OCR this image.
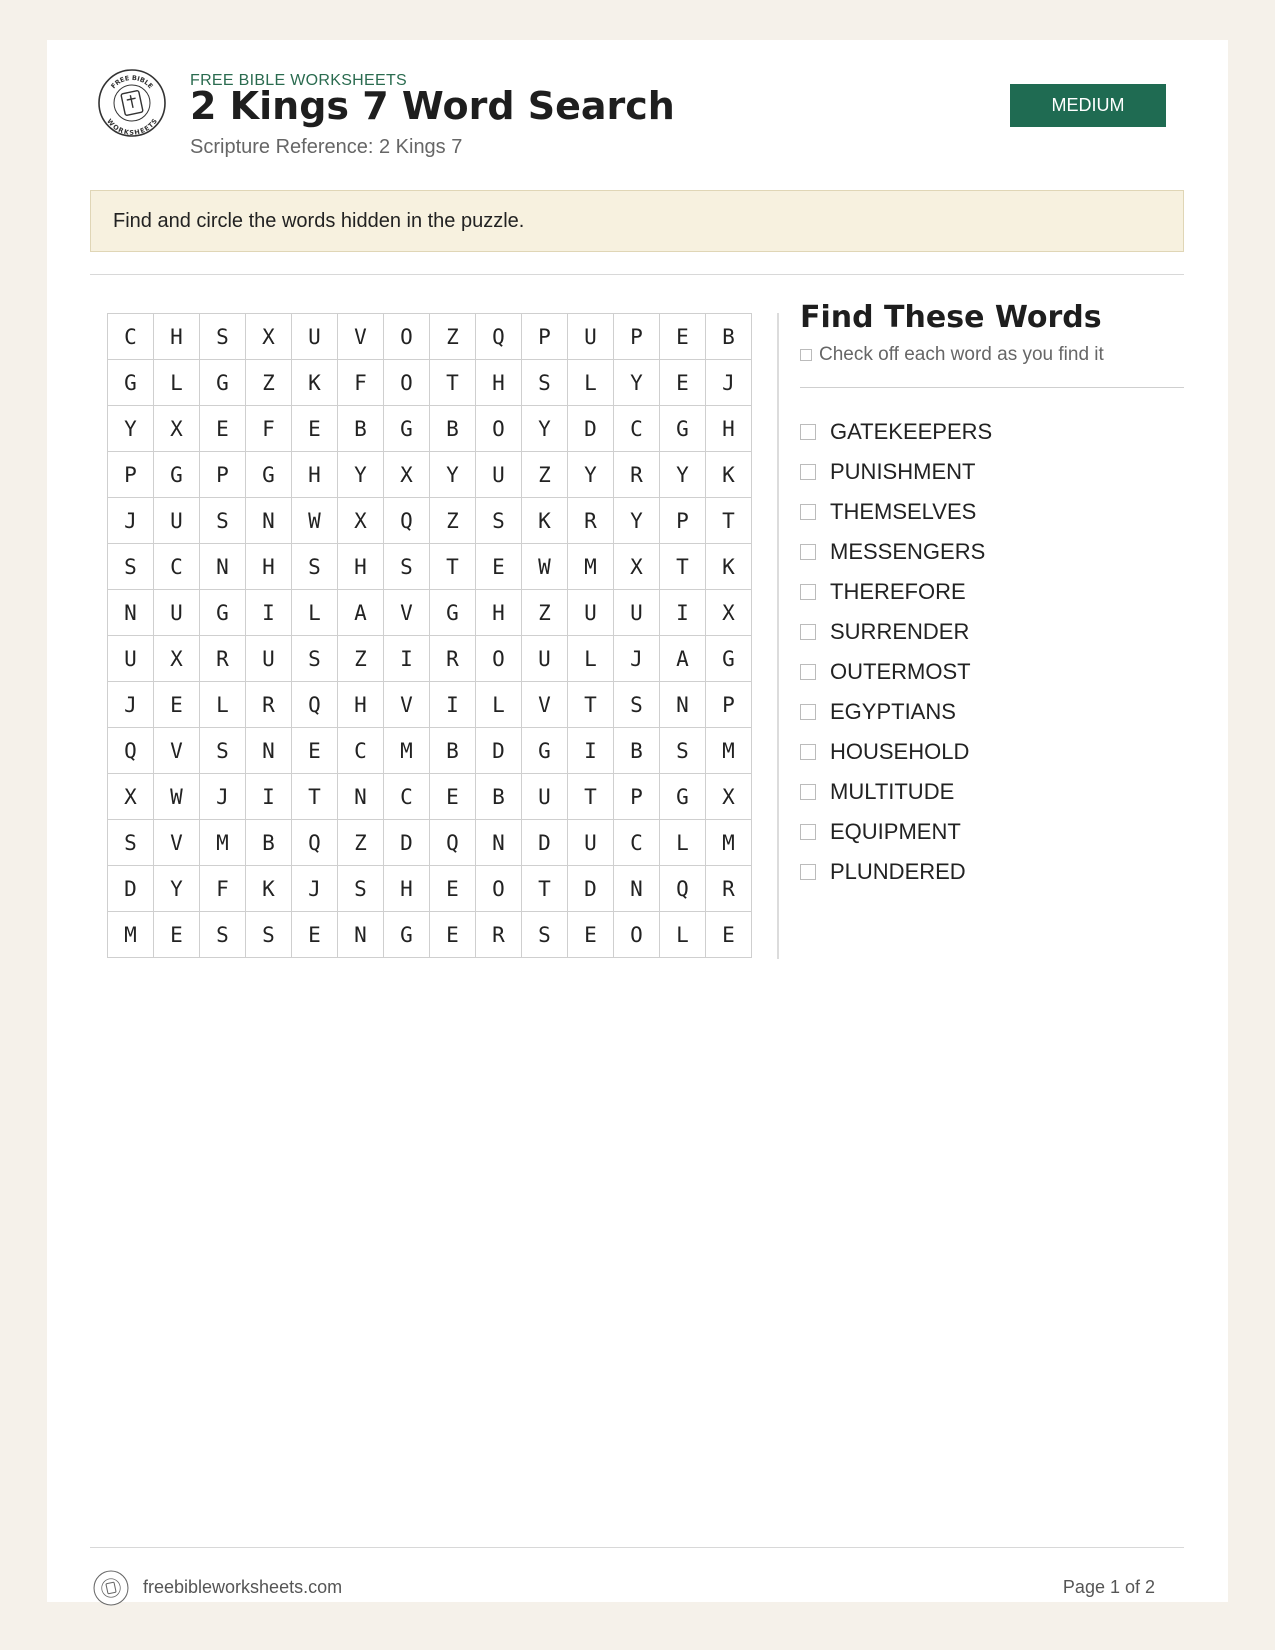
FREE BIBLE
WORKSHEETS
FREE BIBLE WORKSHEETS
2 Kings 7 Word Search
Scripture Reference: 2 Kings 7
MEDIUM
Find and circle the words hidden in the puzzle.
C	H	S	X	U	V	O	Z	Q	P	U	P	E	B
G	L	G	Z	K	F	O	T	H	S	L	Y	E	J
Y	X	E	F	E	B	G	B	O	Y	D	C	G	H
P	G	P	G	H	Y	X	Y	U	Z	Y	R	Y	K
J	U	S	N	W	X	Q	Z	S	K	R	Y	P	T
S	C	N	H	S	H	S	T	E	W	M	X	T	K
N	U	G	I	L	A	V	G	H	Z	U	U	I	X
U	X	R	U	S	Z	I	R	O	U	L	J	A	G
J	E	L	R	Q	H	V	I	L	V	T	S	N	P
Q	V	S	N	E	C	M	B	D	G	I	B	S	M
X	W	J	I	T	N	C	E	B	U	T	P	G	X
S	V	M	B	Q	Z	D	Q	N	D	U	C	L	M
D	Y	F	K	J	S	H	E	O	T	D	N	Q	R
M	E	S	S	E	N	G	E	R	S	E	O	L	E
Find These Words
Check off each word as you find it
GATEKEEPERS
PUNISHMENT
THEMSELVES
MESSENGERS
THEREFORE
SURRENDER
OUTERMOST
EGYPTIANS
HOUSEHOLD
MULTITUDE
EQUIPMENT
PLUNDERED
freebibleworksheets.com	Page 1 of 2
